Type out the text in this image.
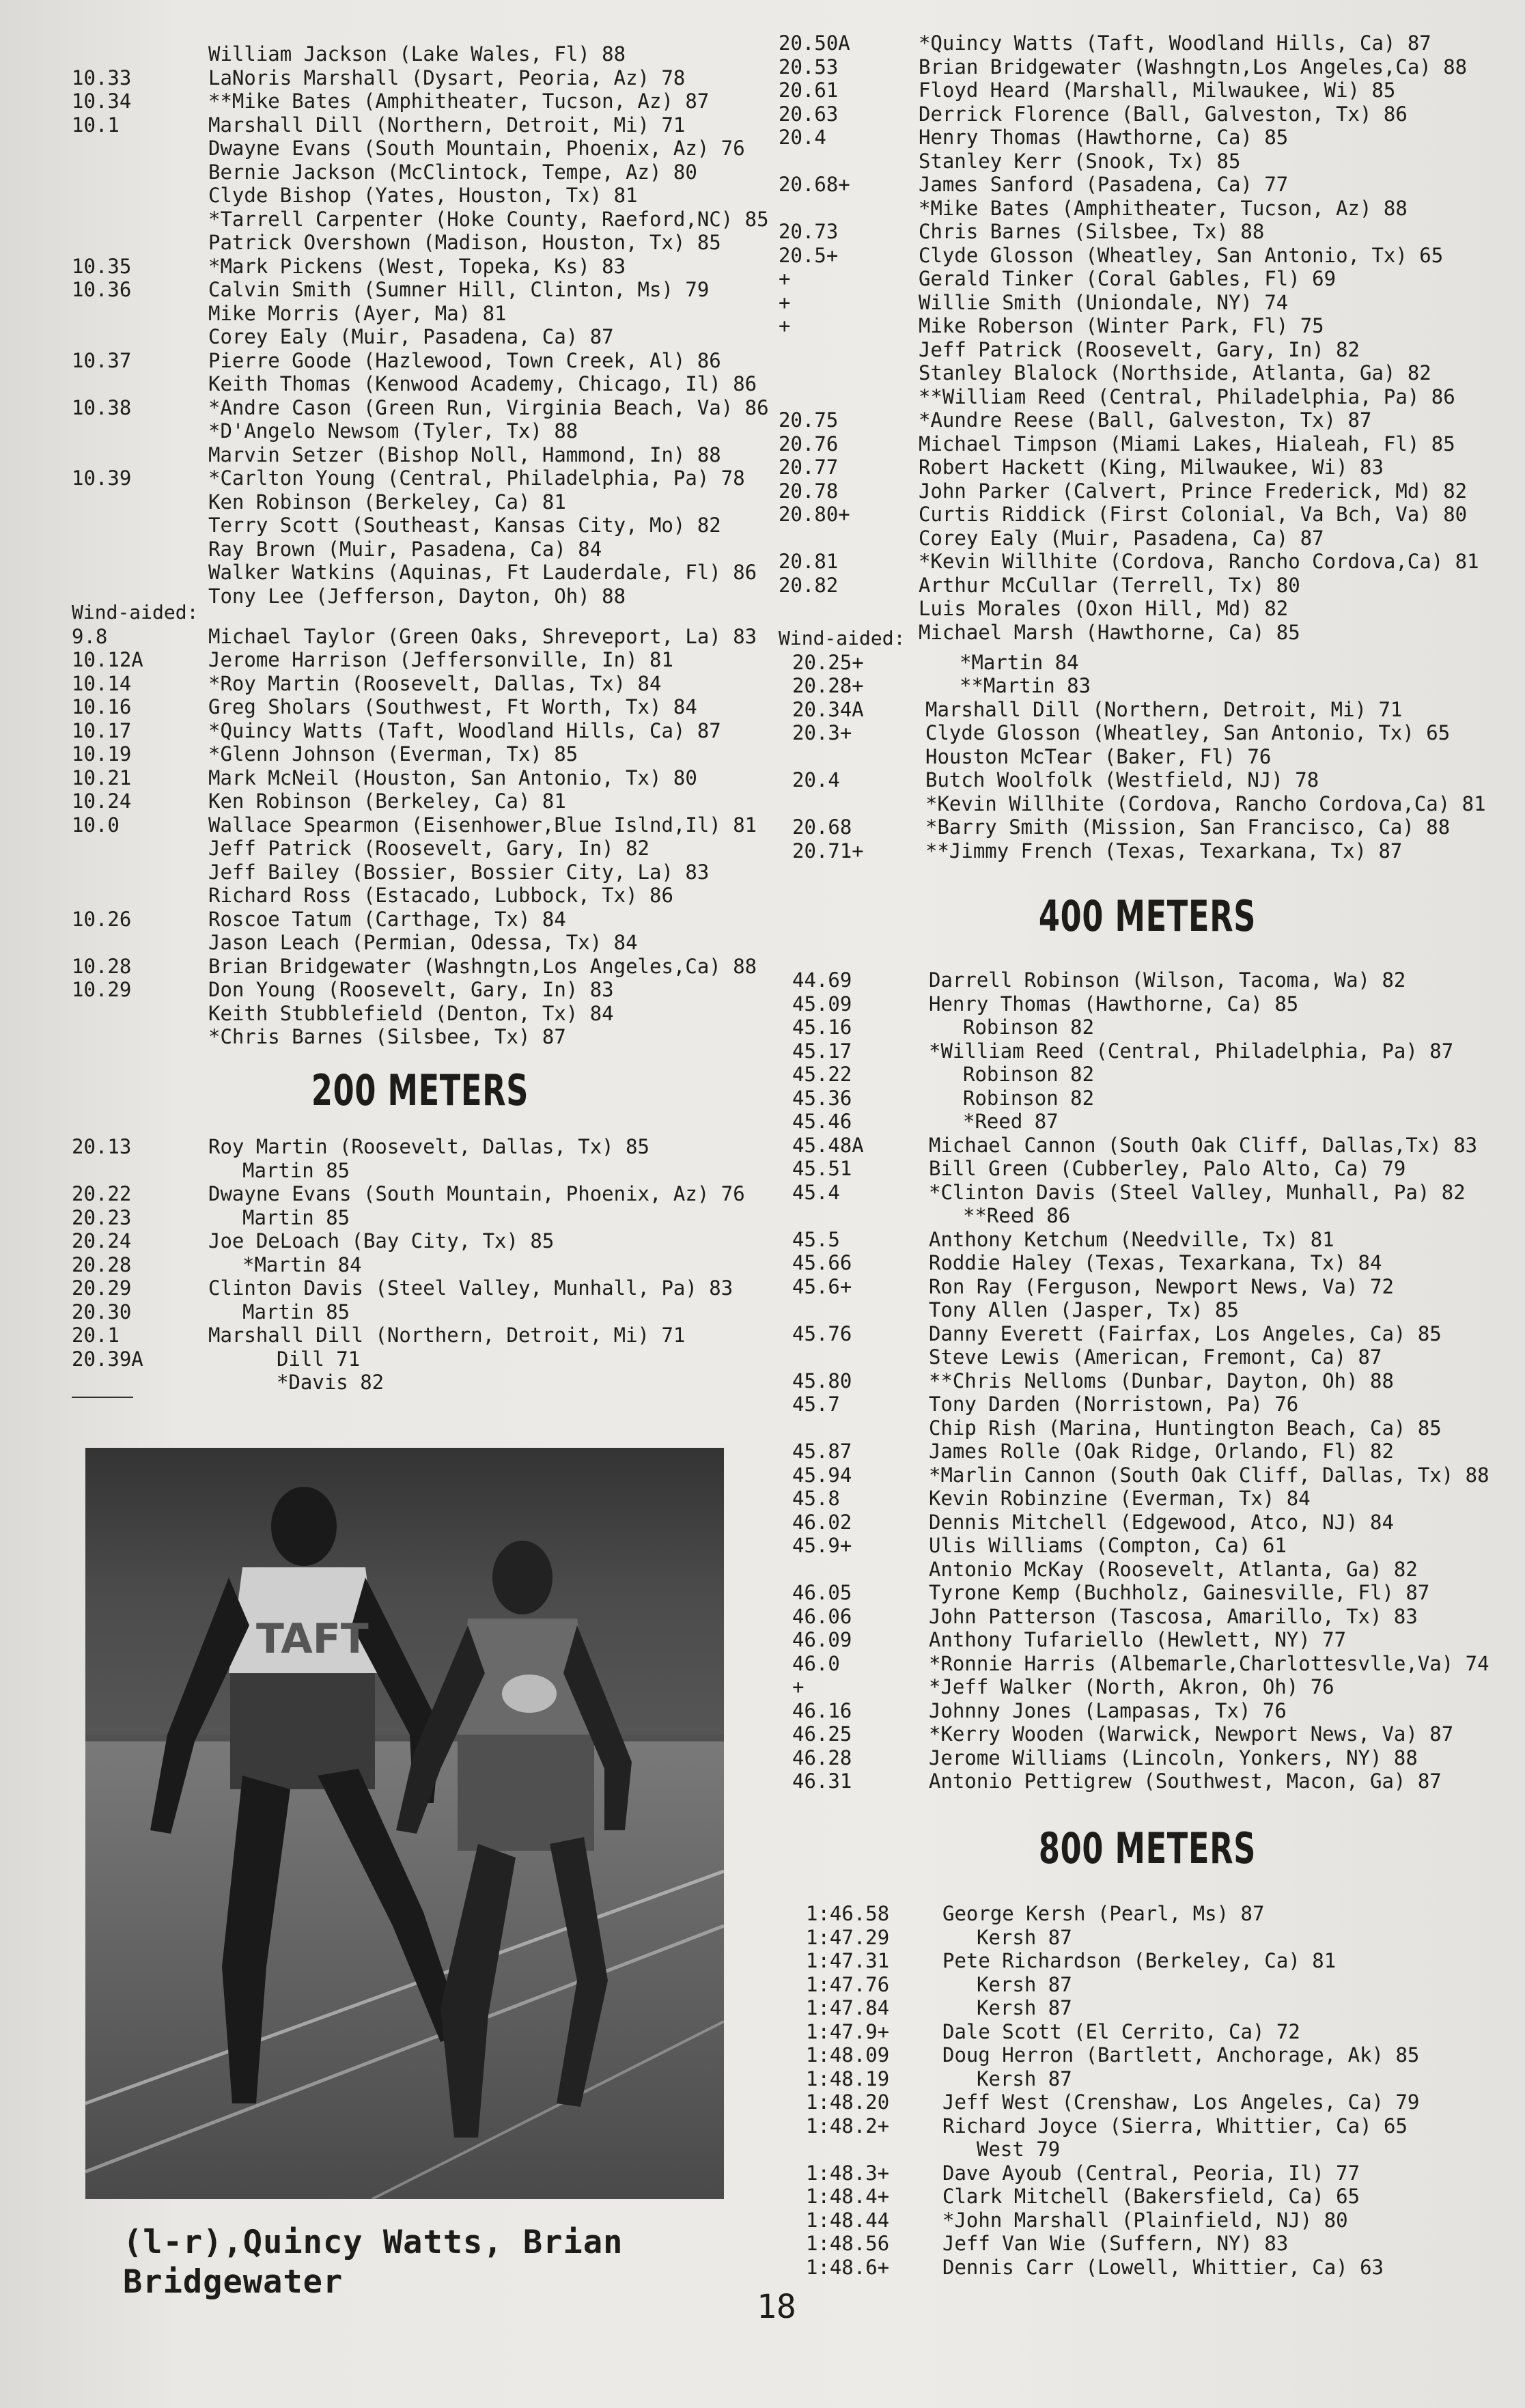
William Jackson (Lake Wales, Fl) 88
10.33	LaNoris Marshall (Dysart, Peoria, Az) 78
10.34	**Mike Bates (Amphitheater, Tucson, Az) 87
10.1	Marshall Dill (Northern, Detroit, Mi) 71
Dwayne Evans (South Mountain, Phoenix, Az) 76
Bernie Jackson (McClintock, Tempe, Az) 80
Clyde Bishop (Yates, Houston, Tx) 81
*Tarrell Carpenter (Hoke County, Raeford,NC) 85
Patrick Overshown (Madison, Houston, Tx) 85
10.35	*Mark Pickens (West, Topeka, Ks) 83
10.36	Calvin Smith (Sumner Hill, Clinton, Ms) 79
Mike Morris (Ayer, Ma) 81
Corey Ealy (Muir, Pasadena, Ca) 87
10.37	Pierre Goode (Hazlewood, Town Creek, Al) 86
Keith Thomas (Kenwood Academy, Chicago, Il) 86
10.38	*Andre Cason (Green Run, Virginia Beach, Va) 86
*D'Angelo Newsom (Tyler, Tx) 88
Marvin Setzer (Bishop Noll, Hammond, In) 88
10.39	*Carlton Young (Central, Philadelphia, Pa) 78
Ken Robinson (Berkeley, Ca) 81
Terry Scott (Southeast, Kansas City, Mo) 82
Ray Brown (Muir, Pasadena, Ca) 84
Walker Watkins (Aquinas, Ft Lauderdale, Fl) 86
Tony Lee (Jefferson, Dayton, Oh) 88
Wind-aided:
9.8	Michael Taylor (Green Oaks, Shreveport, La) 83
10.12A	Jerome Harrison (Jeffersonville, In) 81
10.14	*Roy Martin (Roosevelt, Dallas, Tx) 84
10.16	Greg Sholars (Southwest, Ft Worth, Tx) 84
10.17	*Quincy Watts (Taft, Woodland Hills, Ca) 87
10.19	*Glenn Johnson (Everman, Tx) 85
10.21	Mark McNeil (Houston, San Antonio, Tx) 80
10.24	Ken Robinson (Berkeley, Ca) 81
10.0	Wallace Spearmon (Eisenhower,Blue Islnd,Il) 81
Jeff Patrick (Roosevelt, Gary, In) 82
Jeff Bailey (Bossier, Bossier City, La) 83
Richard Ross (Estacado, Lubbock, Tx) 86
10.26	Roscoe Tatum (Carthage, Tx) 84
Jason Leach (Permian, Odessa, Tx) 84
10.28	Brian Bridgewater (Washngtn,Los Angeles,Ca) 88
10.29	Don Young (Roosevelt, Gary, In) 83
Keith Stubblefield (Denton, Tx) 84
*Chris Barnes (Silsbee, Tx) 87
200 METERS
20.13	Roy Martin (Roosevelt, Dallas, Tx) 85
Martin 85
20.22	Dwayne Evans (South Mountain, Phoenix, Az) 76
20.23	Martin 85
20.24	Joe DeLoach (Bay City, Tx) 85
20.28	*Martin 84
20.29	Clinton Davis (Steel Valley, Munhall, Pa) 83
20.30	Martin 85
20.1	Marshall Dill (Northern, Detroit, Mi) 71
20.39A	Dill 71
*Davis 82
20.50A	*Quincy Watts (Taft, Woodland Hills, Ca) 87
20.53	Brian Bridgewater (Washngtn,Los Angeles,Ca) 88
20.61	Floyd Heard (Marshall, Milwaukee, Wi) 85
20.63	Derrick Florence (Ball, Galveston, Tx) 86
20.4	Henry Thomas (Hawthorne, Ca) 85
Stanley Kerr (Snook, Tx) 85
20.68+	James Sanford (Pasadena, Ca) 77
*Mike Bates (Amphitheater, Tucson, Az) 88
20.73	Chris Barnes (Silsbee, Tx) 88
20.5+	Clyde Glosson (Wheatley, San Antonio, Tx) 65
+	Gerald Tinker (Coral Gables, Fl) 69
+	Willie Smith (Uniondale, NY) 74
+	Mike Roberson (Winter Park, Fl) 75
Jeff Patrick (Roosevelt, Gary, In) 82
Stanley Blalock (Northside, Atlanta, Ga) 82
**William Reed (Central, Philadelphia, Pa) 86
20.75	*Aundre Reese (Ball, Galveston, Tx) 87
20.76	Michael Timpson (Miami Lakes, Hialeah, Fl) 85
20.77	Robert Hackett (King, Milwaukee, Wi) 83
20.78	John Parker (Calvert, Prince Frederick, Md) 82
20.80+	Curtis Riddick (First Colonial, Va Bch, Va) 80
Corey Ealy (Muir, Pasadena, Ca) 87
20.81	*Kevin Willhite (Cordova, Rancho Cordova,Ca) 81
20.82	Arthur McCullar (Terrell, Tx) 80
Luis Morales (Oxon Hill, Md) 82
Michael Marsh (Hawthorne, Ca) 85
Wind-aided:
20.25+	*Martin 84
20.28+	**Martin 83
20.34A	Marshall Dill (Northern, Detroit, Mi) 71
20.3+	Clyde Glosson (Wheatley, San Antonio, Tx) 65
Houston McTear (Baker, Fl) 76
20.4	Butch Woolfolk (Westfield, NJ) 78
*Kevin Willhite (Cordova, Rancho Cordova,Ca) 81
20.68	*Barry Smith (Mission, San Francisco, Ca) 88
20.71+	**Jimmy French (Texas, Texarkana, Tx) 87
400 METERS
44.69	Darrell Robinson (Wilson, Tacoma, Wa) 82
45.09	Henry Thomas (Hawthorne, Ca) 85
45.16	Robinson 82
45.17	*William Reed (Central, Philadelphia, Pa) 87
45.22	Robinson 82
45.36	Robinson 82
45.46	*Reed 87
45.48A	Michael Cannon (South Oak Cliff, Dallas,Tx) 83
45.51	Bill Green (Cubberley, Palo Alto, Ca) 79
45.4	*Clinton Davis (Steel Valley, Munhall, Pa) 82
**Reed 86
45.5	Anthony Ketchum (Needville, Tx) 81
45.66	Roddie Haley (Texas, Texarkana, Tx) 84
45.6+	Ron Ray (Ferguson, Newport News, Va) 72
Tony Allen (Jasper, Tx) 85
45.76	Danny Everett (Fairfax, Los Angeles, Ca) 85
Steve Lewis (American, Fremont, Ca) 87
45.80	**Chris Nelloms (Dunbar, Dayton, Oh) 88
45.7	Tony Darden (Norristown, Pa) 76
Chip Rish (Marina, Huntington Beach, Ca) 85
45.87	James Rolle (Oak Ridge, Orlando, Fl) 82
45.94	*Marlin Cannon (South Oak Cliff, Dallas, Tx) 88
45.8	Kevin Robinzine (Everman, Tx) 84
46.02	Dennis Mitchell (Edgewood, Atco, NJ) 84
45.9+	Ulis Williams (Compton, Ca) 61
Antonio McKay (Roosevelt, Atlanta, Ga) 82
46.05	Tyrone Kemp (Buchholz, Gainesville, Fl) 87
46.06	John Patterson (Tascosa, Amarillo, Tx) 83
46.09	Anthony Tufariello (Hewlett, NY) 77
46.0	*Ronnie Harris (Albemarle,Charlottesvlle,Va) 74
+	*Jeff Walker (North, Akron, Oh) 76
46.16	Johnny Jones (Lampasas, Tx) 76
46.25	*Kerry Wooden (Warwick, Newport News, Va) 87
46.28	Jerome Williams (Lincoln, Yonkers, NY) 88
46.31	Antonio Pettigrew (Southwest, Macon, Ga) 87
800 METERS
1:46.58	George Kersh (Pearl, Ms) 87
1:47.29	Kersh 87
1:47.31	Pete Richardson (Berkeley, Ca) 81
1:47.76	Kersh 87
1:47.84	Kersh 87
1:47.9+	Dale Scott (El Cerrito, Ca) 72
1:48.09	Doug Herron (Bartlett, Anchorage, Ak) 85
1:48.19	Kersh 87
1:48.20	Jeff West (Crenshaw, Los Angeles, Ca) 79
1:48.2+	Richard Joyce (Sierra, Whittier, Ca) 65
West 79
1:48.3+	Dave Ayoub (Central, Peoria, Il) 77
1:48.4+	Clark Mitchell (Bakersfield, Ca) 65
1:48.44	*John Marshall (Plainfield, NJ) 80
1:48.56	Jeff Van Wie (Suffern, NY) 83
1:48.6+	Dennis Carr (Lowell, Whittier, Ca) 63
TAFT
(l-r),Quincy Watts, Brian Bridgewater
18
